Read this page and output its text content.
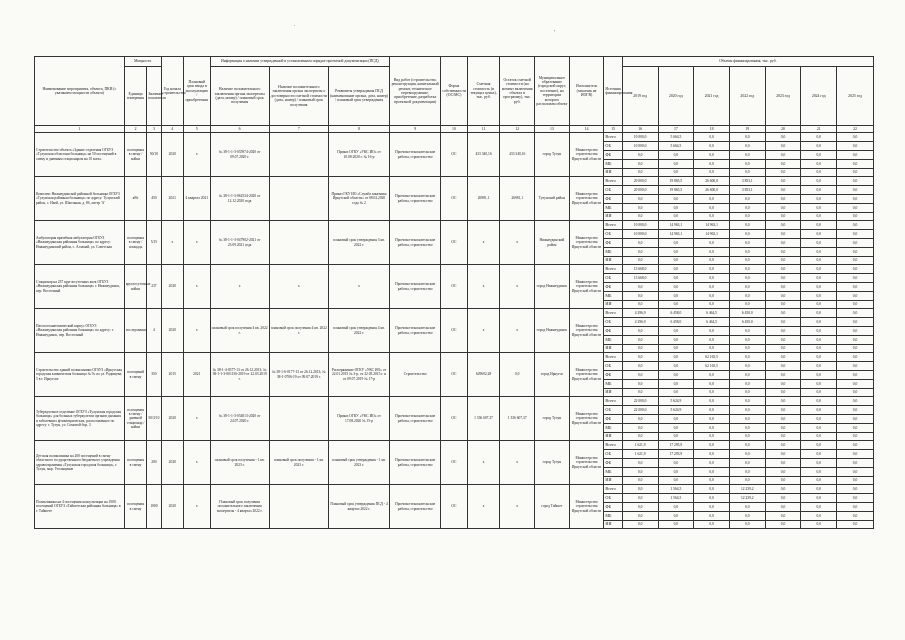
.
'
Наименование мероприятия, объекта, ПКИ (с указанием мощности объекта)	Мощность		Год начала строительства	Плановый срок ввода в эксплуатацию / приобретения	Информация о наличии утвержденной в установленном порядке проектной документации (ПСД)			Вид работ (строительство, реконструкция, капитальный ремонт, техническое перевооружение, приобретение, разработка проектной документации)	Форма собственности (ОС/МС)	Сметная стоимость (в текущих ценах), тыс. руб.	Остаток сметной стоимости (на момент включения объекта в программу), тыс. руб.	Муниципальное образование (городской округ, поселение), на территории которого расположен объект	Исполнитель (заказчик не ИОГВ)	Источник финансирования	Объемы финансирования, тыс. руб.						
	Единица измерения	Значение показателя			Наличие положительного заключения органа экспертизы (дата, номер) / плановый срок получения	Наличие положительного заключения органа экспертизы о достоверности сметной стоимости (дата, номер) / плановый срок получения	Реквизиты утверждения ПСД (наименование органа, дата, номер) / плановый срок утверждения								2019 год	2020 год	2021 год	2022 год	2023 год	2024 год	2025 год

1	2	3	4	5	6	7	8	9	10	11	12	13	14	15	16	17	18	19	20	21	22
Строительство объекта «Здание отделения ОГБУЗ «Тулунская областная больница» на 50 посещений в смену и дневным стационаром на 10 коек»	посещения в смену / койки	50/10	2020	х	№ 38-1-1-3-035974-2020 от 09.07.2020 г.		Приказ ОГКУ «УКС ИО» от 10.08.2020 г. № 16-р	Проектно-изыскательские работы, строительство	ОС	433 340,16	433 340,16	город Тулун	Министерство строительства Иркутской области	Всего	10 000,0	5 664,5	0,0	0,0	0,0	0,0	0,0
														ОБ	10 000,0	5 664,5	0,0	0,0	0,0	0,0	0,0
														ФБ	0,0	0,0	0,0	0,0	0,0	0,0	0,0
														МБ	0,0	0,0	0,0	0,0	0,0	0,0	0,0
														ИИ	0,0	0,0	0,0	0,0	0,0	0,0	0,0
Комплекс Нижнеудинской районной больницы ОГБУЗ «Тулунская районная больница» по адресу: Тулунский район, с. Икей, ул. Школьная, д. 8б, литер 'А'	кВт	450	2021	4 квартал 2021	№ 38-1-1-3-062534-2020 от 12.12.2020 года		Приказ ГКУ ИО «Служба заказчика Иркутской области» от 08.02.2020 года № 2	Проектно-изыскательские работы, строительство	ОС	26981,1	26981,1	Тулунский район	Министерство строительства Иркутской области	Всего	20 000,0	19 865,5	26 600,0	3 853,1	0,0	0,0	0,0
														ОБ	20 000,0	19 865,5	26 600,0	3 853,1	0,0	0,0	0,0
														ФБ	0,0	0,0	0,0	0,0	0,0	0,0	0,0
														МБ	0,0	0,0	0,0	0,0	0,0	0,0	0,0
														ИИ	0,0	0,0	0,0	0,0	0,0	0,0	0,0
Амбулатория врачебная амбулатория ОГБУЗ «Нижнеудинская районная больница» по адресу: Нижнеудинский район, с. Алзамай, ул. Советская	посещения в смену / площадь	5/15	х	х	№ 38-1-1-3-047902-2021 от 23.09.2021 года		плановый срок утверждения 3 кв. 2022 г.	Проектно-изыскательские работы, строительство	ОС	х	х	Нижнеудинский район	Министерство строительства Иркутской области	Всего	10 000,0	14 963,1	14 963,1	0,0	0,0	0,0	0,0
														ОБ	10 000,0	14 963,1	14 963,1	0,0	0,0	0,0	0,0
														ФБ	0,0	0,0	0,0	0,0	0,0	0,0	0,0
														МБ	0,0	0,0	0,0	0,0	0,0	0,0	0,0
														ИИ	0,0	0,0	0,0	0,0	0,0	0,0	0,0
Стационар на 237 круглосуточных коек ОГБУЗ «Нижнеудинская районная больница» г. Нижнеудинск, пер. Восточный	круглосуточные койки	237	2020	х	х	х	х	Проектно-изыскательские работы, строительство	ОС	х	х	город Нижнеудинск	Министерство строительства Иркутской области	Всего	13 668,0	0,0	0,0	0,0	0,0	0,0	0,0
														ОБ	13 668,0	0,0	0,0	0,0	0,0	0,0	0,0
														ФБ	0,0	0,0	0,0	0,0	0,0	0,0	0,0
														МБ	0,0	0,0	0,0	0,0	0,0	0,0	0,0
														ИИ	0,0	0,0	0,0	0,0	0,0	0,0	0,0
Патологоанатомический корпус ОГБУЗ «Нижнеудинская районная больница» по адресу: г. Нижнеудинск, пер. Восточный	исследования	4	2020	х	плановый срок получения 4 кв. 2022 г.	плановый срок получения 4 кв. 2022 г.	плановый срок утверждения 4 кв. 2022 г.	Проектно-изыскательские работы, строительство	ОС	х	х	город Нижнеудинск	Министерство строительства Иркутской области	Всего	4 296,9	6 458,0	6 464,5	6 450,0	0,0	0,0	0,0
														ОБ	4 296,9	6 458,0	6 464,5	6 450,0	0,0	0,0	0,0
														ФБ	0,0	0,0	0,0	0,0	0,0	0,0	0,0
														МБ	0,0	0,0	0,0	0,0	0,0	0,0	0,0
														ИИ	0,0	0,0	0,0	0,0	0,0	0,0	0,0
Строительство зданий поликлиники ОГАУЗ «Иркутская городская клиническая больница № 9» по ул. Радищева, 5 в г. Иркутске	посещений в смену	350	2015	2021	№ 38-1-4-0377-13 от 26.12.2013; № 38-1-1-3-001156-2019 от 22.03.2019 г.	№ 38-1-6-0177-13 от 26.12.2013; № 38-1-0706-19 от 09.07.2019 г.	Распоряжение ОГКУ «УКС ИО» от 22.01.2015 № 3-р, от 22.05.2015 г. и от 09.07.2019 № 17-р	Строительство	ОС	629692,28	0,0	город Иркутск	Министерство строительства Иркутской области	Всего	0,0	0,0	62 165,5	0,0	0,0	0,0	0,0
														ОБ	0,0	0,0	62 165,5	0,0	0,0	0,0	0,0
														ФБ	0,0	0,0	0,0	0,0	0,0	0,0	0,0
														МБ	0,0	0,0	0,0	0,0	0,0	0,0	0,0
														ИИ	0,0	0,0	0,0	0,0	0,0	0,0	0,0
Туберкулезное отделение ОГБУЗ «Тулунская городская больница» для больных туберкулезом органов дыхания и заболевших фтизиатрических, расположенное по адресу: г. Тулун, ул. Сомовой бор, 3	посещения в смену / дневной стационар / койки	50/3/10	2020	х	№ 38-1-1-3-034013-2020 от 24.07.2020 г.		Приказ ОГКУ «УКС ИО» от 17.08.2020 № 15-р	Проектно-изыскательские работы, строительство	ОС	1 336 607,37	1 336 607,37	город Тулун	Министерство строительства Иркутской области	Всего	22 000,0	5 624,9	0,0	0,0	0,0	0,0	0,0
														ОБ	22 000,0	5 624,9	0,0	0,0	0,0	0,0	0,0
														ФБ	0,0	0,0	0,0	0,0	0,0	0,0	0,0
														МБ	0,0	0,0	0,0	0,0	0,0	0,0	0,0
														ИИ	0,0	0,0	0,0	0,0	0,0	0,0	0,0
Детская поликлиника на 200 посещений в смену областного государственного бюджетного учреждения здравоохранения «Тулунская городская больница», г. Тулун, мкр. Угольщиков	посещения в смену	200	2020	х	плановый срок получения - 1 кв. 2023 г.	плановый срок получения - 1 кв. 2023 г.	плановый срок утверждения - 1 кв. 2023 г.	Проектно-изыскательские работы, строительство	ОС	х	х	город Тулун	Министерство строительства Иркутской области	Всего	1 621,9	17 293,9	0,0	0,0	0,0	0,0	0,0
														ОБ	1 621,9	17 293,9	0,0	0,0	0,0	0,0	0,0
														ФБ	0,0	0,0	0,0	0,0	0,0	0,0	0,0
														МБ	0,0	0,0	0,0	0,0	0,0	0,0	0,0
														ИИ	0,0	0,0	0,0	0,0	0,0	0,0	0,0
Поликлиника на 4 посещения консультации на 1000 посещений ОГБУЗ «Тайшетская районная больница» в г. Тайшете	посещения в смену	1000	2020	х	Плановый срок получения положительного заключения экспертизы - 4 квартал 2022 г.		Плановый срок утверждения ПСД - 4 квартал 2022 г.	Проектно-изыскательские работы, строительство	ОС	х	х	город Тайшет	Министерство строительства Иркутской области	Всего	0,0	1 564,5	0,0	12 239,2	0,0	0,0	0,0
														ОБ	0,0	1 564,5	0,0	12 239,2	0,0	0,0	0,0
														ФБ	0,0	0,0	0,0	0,0	0,0	0,0	0,0
														МБ	0,0	0,0	0,0	0,0	0,0	0,0	0,0
														ИИ	0,0	0,0	0,0	0,0	0,0	0,0	0,0
